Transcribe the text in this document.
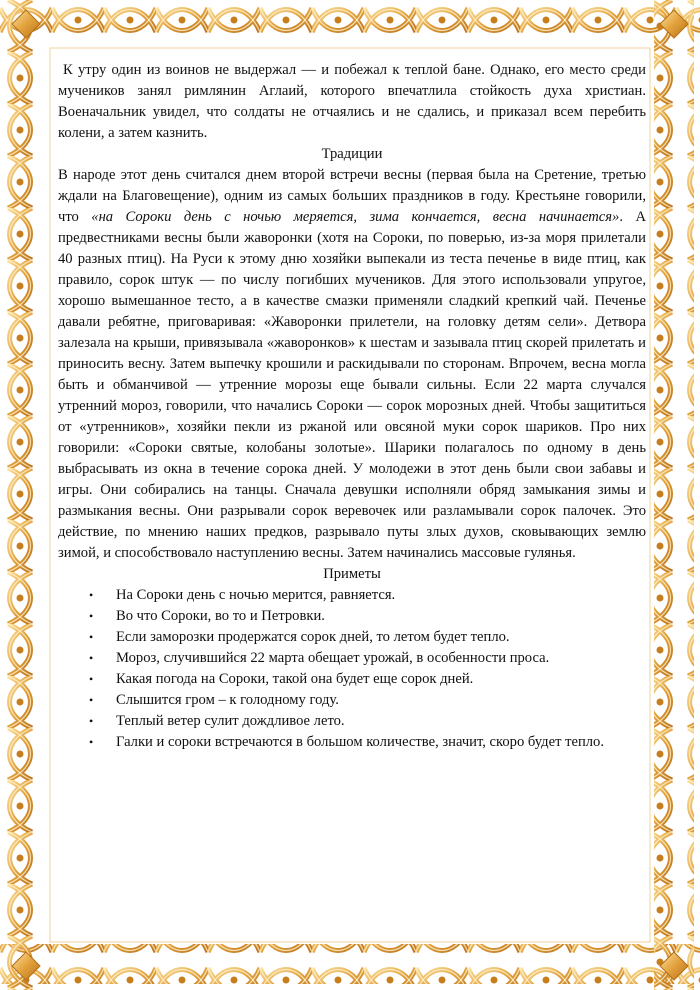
К утру один из воинов не выдержал — и побежал к теплой бане. Однако, его место среди мучеников занял римлянин Аглаий, которого впечатлила стойкость духа христиан. Военачальник увидел, что солдаты не отчаялись и не сдались, и приказал всем перебить колени, а затем казнить.

Традиции

В народе этот день считался днем второй встречи весны (первая была на Сретение, третью ждали на Благовещение), одним из самых больших праздников в году. Крестьяне говорили, что «на Сороки день с ночью меряется, зима кончается, весна начинается». А предвестниками весны были жаворонки (хотя на Сороки, по поверью, из-за моря прилетали 40 разных птиц). На Руси к этому дню хозяйки выпекали из теста печенье в виде птиц, как правило, сорок штук — по числу погибших мучеников. Для этого использовали упругое, хорошо вымешанное тесто, а в качестве смазки применяли сладкий крепкий чай. Печенье давали ребятне, приговаривая: «Жаворонки прилетели, на головку детям сели». Детвора залезала на крыши, привязывала «жаворонков» к шестам и зазывала птиц скорей прилетать и приносить весну. Затем выпечку крошили и раскидывали по сторонам. Впрочем, весна могла быть и обманчивой — утренние морозы еще бывали сильны. Если 22 марта случался утренний мороз, говорили, что начались Сороки — сорок морозных дней. Чтобы защититься от «утренников», хозяйки пекли из ржаной или овсяной муки сорок шариков. Про них говорили: «Сороки святые, колобаны золотые». Шарики полагалось по одному в день выбрасывать из окна в течение сорока дней. У молодежи в этот день были свои забавы и игры. Они собирались на танцы. Сначала девушки исполняли обряд замыкания зимы и размыкания весны. Они разрывали сорок веревочек или разламывали сорок палочек. Это действие, по мнению наших предков, разрывало путы злых духов, сковывающих землю зимой, и способствовало наступлению весны. Затем начинались массовые гулянья.

Приметы

• На Сороки день с ночью мерится, равняется.
• Во что Сороки, во то и Петровки.
• Если заморозки продержатся сорок дней, то летом будет тепло.
• Мороз, случившийся 22 марта обещает урожай, в особенности проса.
• Какая погода на Сороки, такой она будет еще сорок дней.
• Слышится гром – к голодному году.
• Теплый ветер сулит дождливое лето.
• Галки и сороки встречаются в большом количестве, значит, скоро будет тепло.
